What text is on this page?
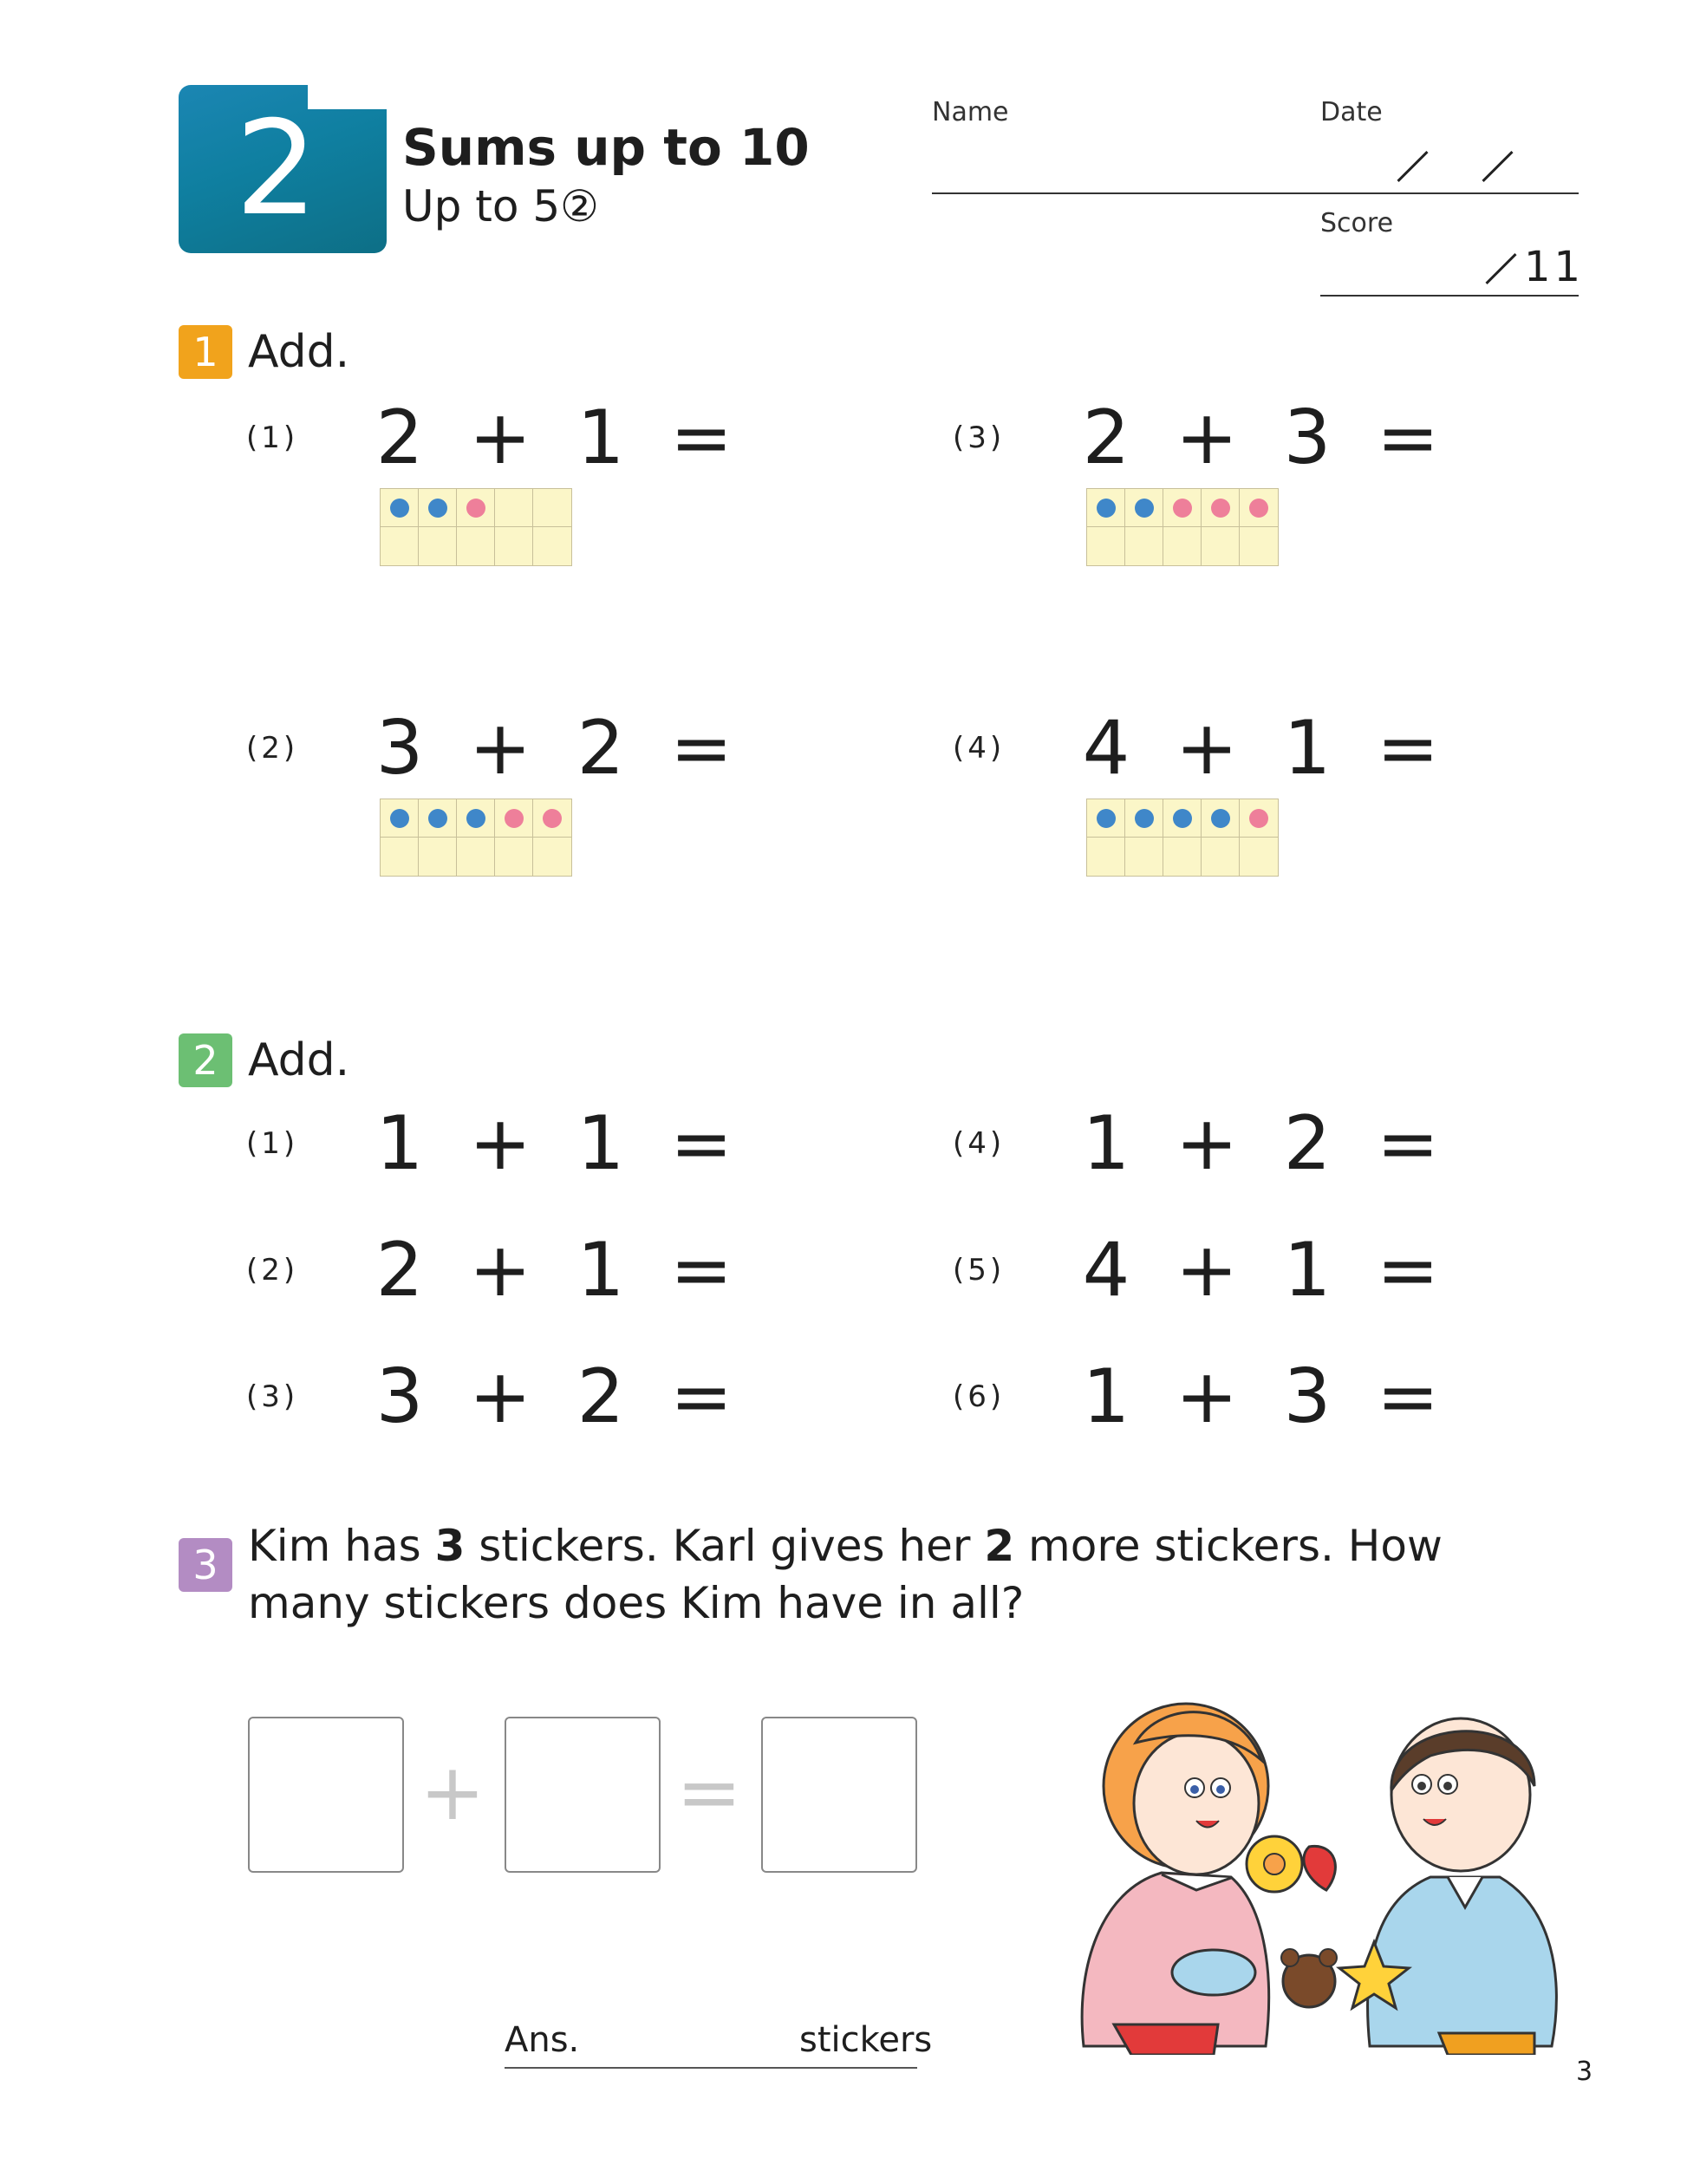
2	Sums up to 10
Up to 5②
Name	Date
Score
11
1 Add.
(1)	2 + 1 =
(2)	3 + 2 =
(3)	2 + 3 =
(4)	4 + 1 =
2 Add.
(1)	1 + 1 =
(2)	2 + 1 =
(3)	3 + 2 =
(4)	1 + 2 =
(5)	4 + 1 =
(6)	1 + 3 =
3 Kim has 3 stickers. Karl gives her 2 more stickers. How many stickers does Kim have in all?
+ =
Ans.	stickers
3
